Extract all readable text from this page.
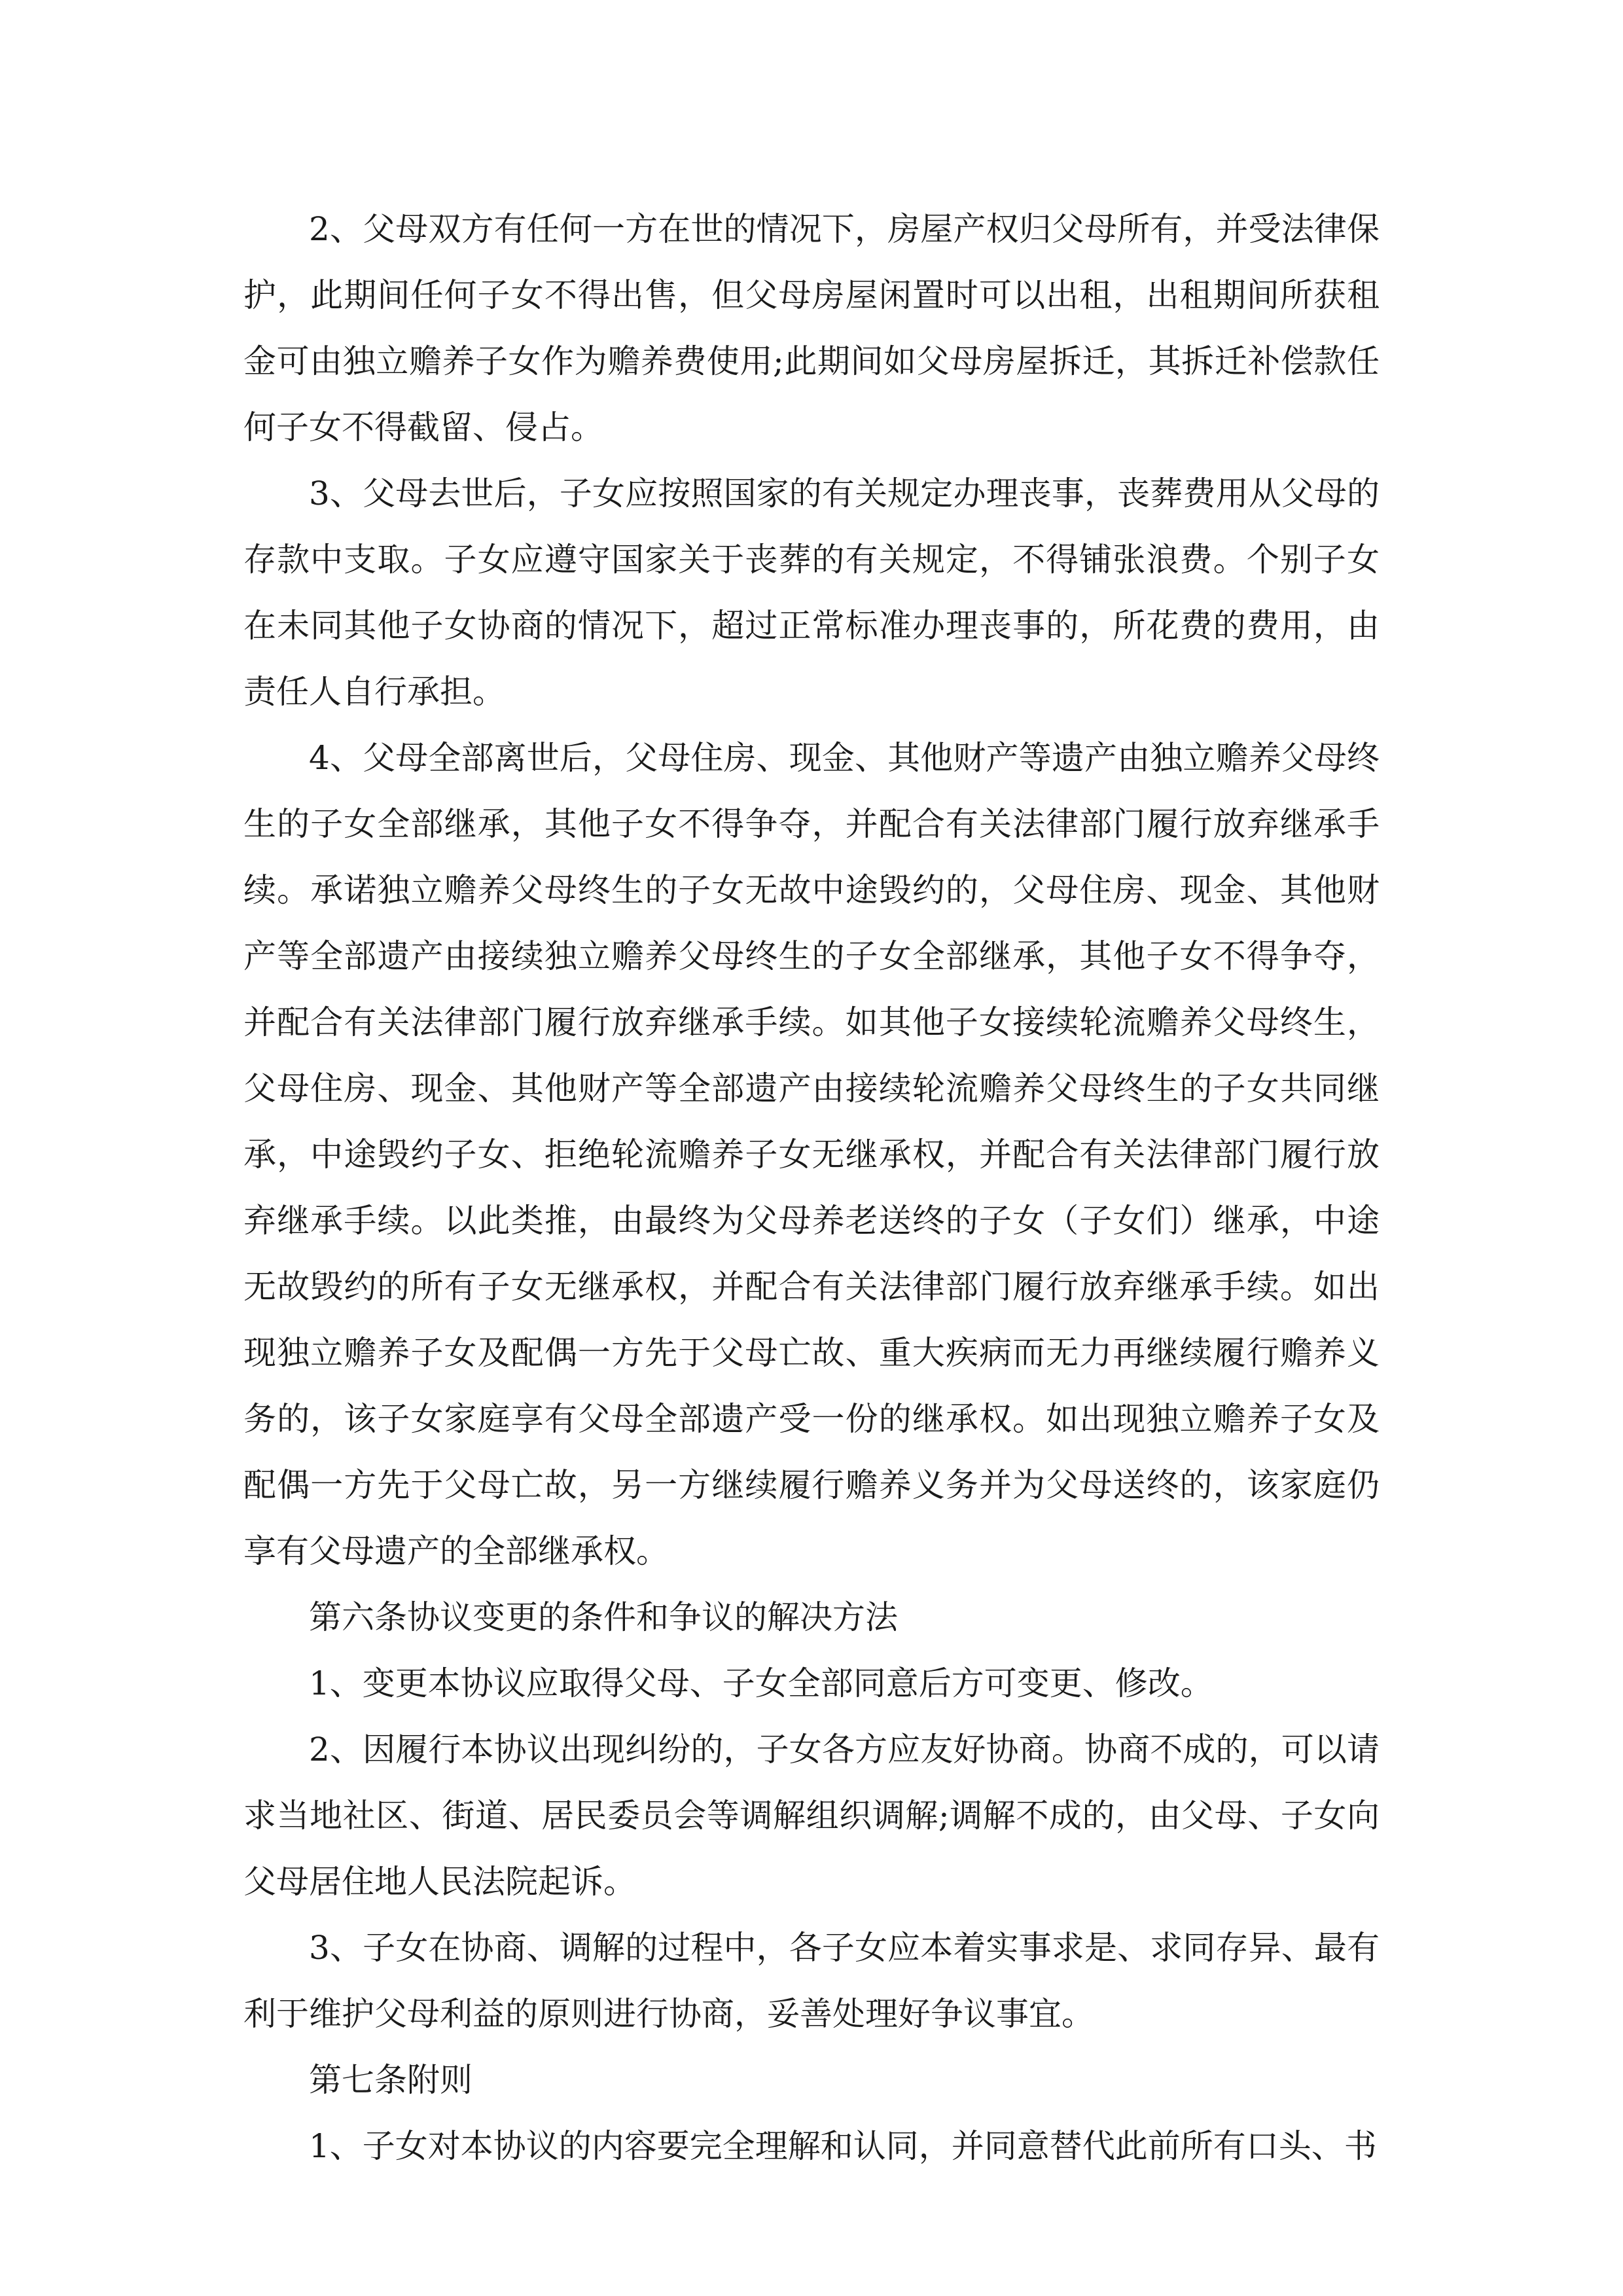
2、父母双方有任何一方在世的情况下，房屋产权归父母所有，并受法律保护，此期间任何子女不得出售，但父母房屋闲置时可以出租，出租期间所获租金可由独立赡养子女作为赡养费使用;此期间如父母房屋拆迁，其拆迁补偿款任何子女不得截留、侵占。

3、父母去世后，子女应按照国家的有关规定办理丧事，丧葬费用从父母的存款中支取。子女应遵守国家关于丧葬的有关规定，不得铺张浪费。个别子女在未同其他子女协商的情况下，超过正常标准办理丧事的，所花费的费用，由责任人自行承担。

4、父母全部离世后，父母住房、现金、其他财产等遗产由独立赡养父母终生的子女全部继承，其他子女不得争夺，并配合有关法律部门履行放弃继承手续。承诺独立赡养父母终生的子女无故中途毁约的，父母住房、现金、其他财产等全部遗产由接续独立赡养父母终生的子女全部继承，其他子女不得争夺，并配合有关法律部门履行放弃继承手续。如其他子女接续轮流赡养父母终生，父母住房、现金、其他财产等全部遗产由接续轮流赡养父母终生的子女共同继承，中途毁约子女、拒绝轮流赡养子女无继承权，并配合有关法律部门履行放弃继承手续。以此类推，由最终为父母养老送终的子女（子女们）继承，中途无故毁约的所有子女无继承权，并配合有关法律部门履行放弃继承手续。如出现独立赡养子女及配偶一方先于父母亡故、重大疾病而无力再继续履行赡养义务的，该子女家庭享有父母全部遗产受一份的继承权。如出现独立赡养子女及配偶一方先于父母亡故，另一方继续履行赡养义务并为父母送终的，该家庭仍享有父母遗产的全部继承权。

第六条协议变更的条件和争议的解决方法

1、变更本协议应取得父母、子女全部同意后方可变更、修改。

2、因履行本协议出现纠纷的，子女各方应友好协商。协商不成的，可以请求当地社区、街道、居民委员会等调解组织调解;调解不成的，由父母、子女向父母居住地人民法院起诉。

3、子女在协商、调解的过程中，各子女应本着实事求是、求同存异、最有利于维护父母利益的原则进行协商，妥善处理好争议事宜。

第七条附则

1、子女对本协议的内容要完全理解和认同，并同意替代此前所有口头、书
